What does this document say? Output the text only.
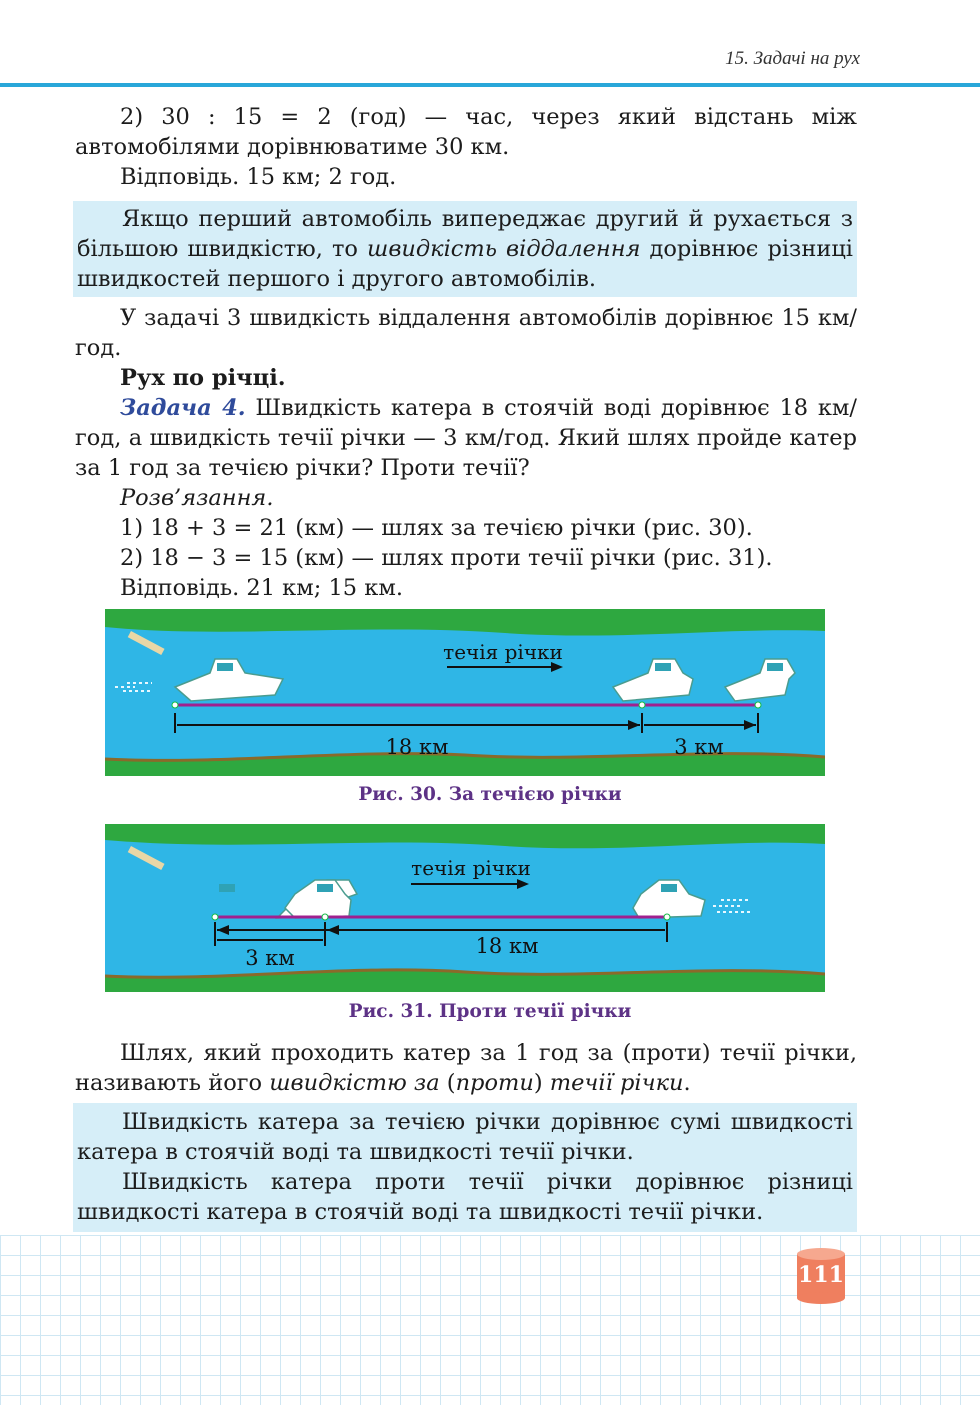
15. Задачі на рух

2) 30 : 15 = 2 (год) — час, через який відстань між автомобілями дорівнюватиме 30 км.

Відповідь. 15 км; 2 год.

Якщо перший автомобіль випереджає другий й рухається з більшою швидкістю, то швидкість віддалення дорівнює різниці швидкостей першого і другого автомобілів.

У задачі 3 швидкість віддалення автомобілів дорівнює 15 км/год.

Рух по річці.

Задача 4. Швидкість катера в стоячій воді дорівнює 18 км/год, а швидкість течії річки — 3 км/год. Який шлях пройде катер за 1 год за течією річки? Проти течії?

Розв’язання.

1) 18 + 3 = 21 (км) — шлях за течією річки (рис. 30).

2) 18 − 3 = 15 (км) — шлях проти течії річки (рис. 31).

Відповідь. 21 км; 15 км.

течія річки
18 км	3 км
Рис. 30. За течією річки
течія річки
3 км	18 км
Рис. 31. Проти течії річки

Шлях, який проходить катер за 1 год за (проти) течії річки, називають його швидкістю за (проти) течії річки.

Швидкість катера за течією річки дорівнює сумі швидкості катера в стоячій воді та швидкості течії річки.

Швидкість катера проти течії річки дорівнює різниці швидкості катера в стоячій воді та швидкості течії річки.

111
